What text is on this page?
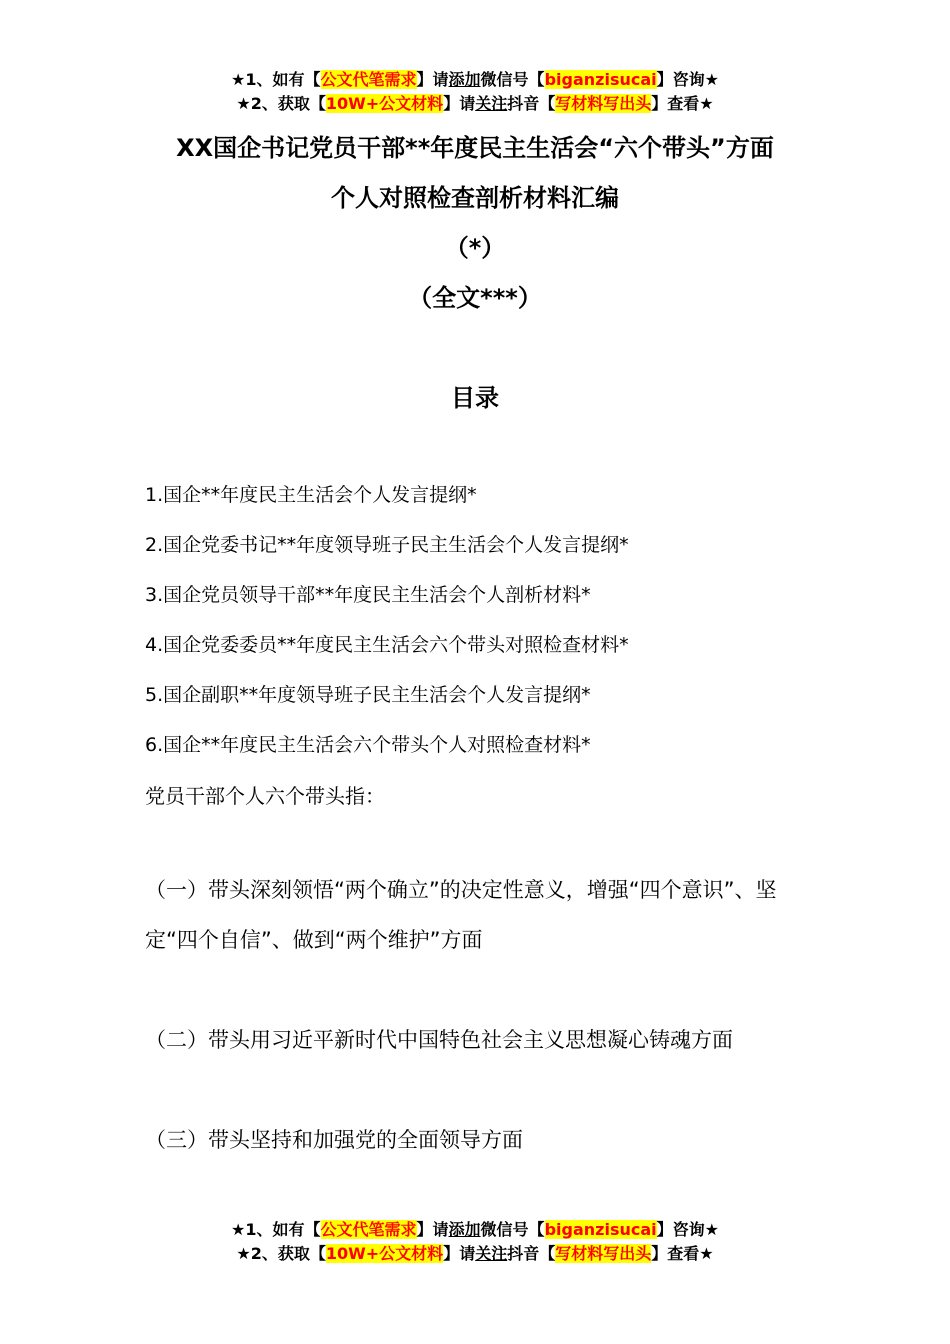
★1、如有【公文代笔需求】请添加微信号【biganzisucai】咨询★
★2、获取【10W+公文材料】请关注抖音【写材料写出头】查看★
XX国企书记党员干部**年度民主生活会“六个带头”方面
个人对照检查剖析材料汇编
（*）
（全文***）
目录
1.国企**年度民主生活会个人发言提纲*
2.国企党委书记**年度领导班子民主生活会个人发言提纲*
3.国企党员领导干部**年度民主生活会个人剖析材料*
4.国企党委委员**年度民主生活会六个带头对照检查材料*
5.国企副职**年度领导班子民主生活会个人发言提纲*
6.国企**年度民主生活会六个带头个人对照检查材料*
党员干部个人六个带头指：
（一）带头深刻领悟“两个确立”的决定性意义，增强“四个意识”、坚定“四个自信”、做到“两个维护”方面
（二）带头用习近平新时代中国特色社会主义思想凝心铸魂方面
（三）带头坚持和加强党的全面领导方面
★1、如有【公文代笔需求】请添加微信号【biganzisucai】咨询★
★2、获取【10W+公文材料】请关注抖音【写材料写出头】查看★
